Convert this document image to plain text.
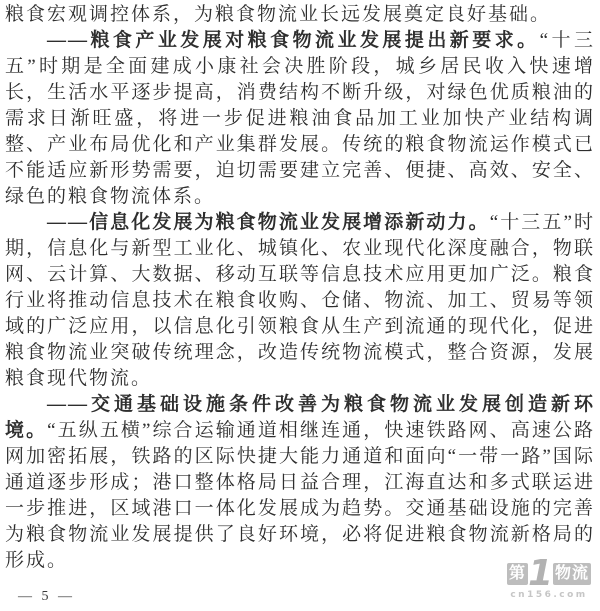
粮食宏观调控体系，为粮食物流业长远发展奠定良好基础。

——粮食产业发展对粮食物流业发展提出新要求。“十三五”时期是全面建成小康社会决胜阶段，城乡居民收入快速增长，生活水平逐步提高，消费结构不断升级，对绿色优质粮油的需求日渐旺盛，将进一步促进粮油食品加工业加快产业结构调整、产业布局优化和产业集群发展。传统的粮食物流运作模式已不能适应新形势需要，迫切需要建立完善、便捷、高效、安全、绿色的粮食物流体系。

——信息化发展为粮食物流业发展增添新动力。“十三五”时期，信息化与新型工业化、城镇化、农业现代化深度融合，物联网、云计算、大数据、移动互联等信息技术应用更加广泛。粮食行业将推动信息技术在粮食收购、仓储、物流、加工、贸易等领域的广泛应用，以信息化引领粮食从生产到流通的现代化，促进粮食物流业突破传统理念，改造传统物流模式，整合资源，发展粮食现代物流。

——交通基础设施条件改善为粮食物流业发展创造新环境。“五纵五横”综合运输通道相继连通，快速铁路网、高速公路网加密拓展，铁路的区际快捷大能力通道和面向“一带一路”国际通道逐步形成；港口整体格局日益合理，江海直达和多式联运进一步推进，区域港口一体化发展成为趋势。交通基础设施的完善为粮食物流业发展提供了良好环境，必将促进粮食物流新格局的形成。

— 5 —
第 1 物流
cn156.com
